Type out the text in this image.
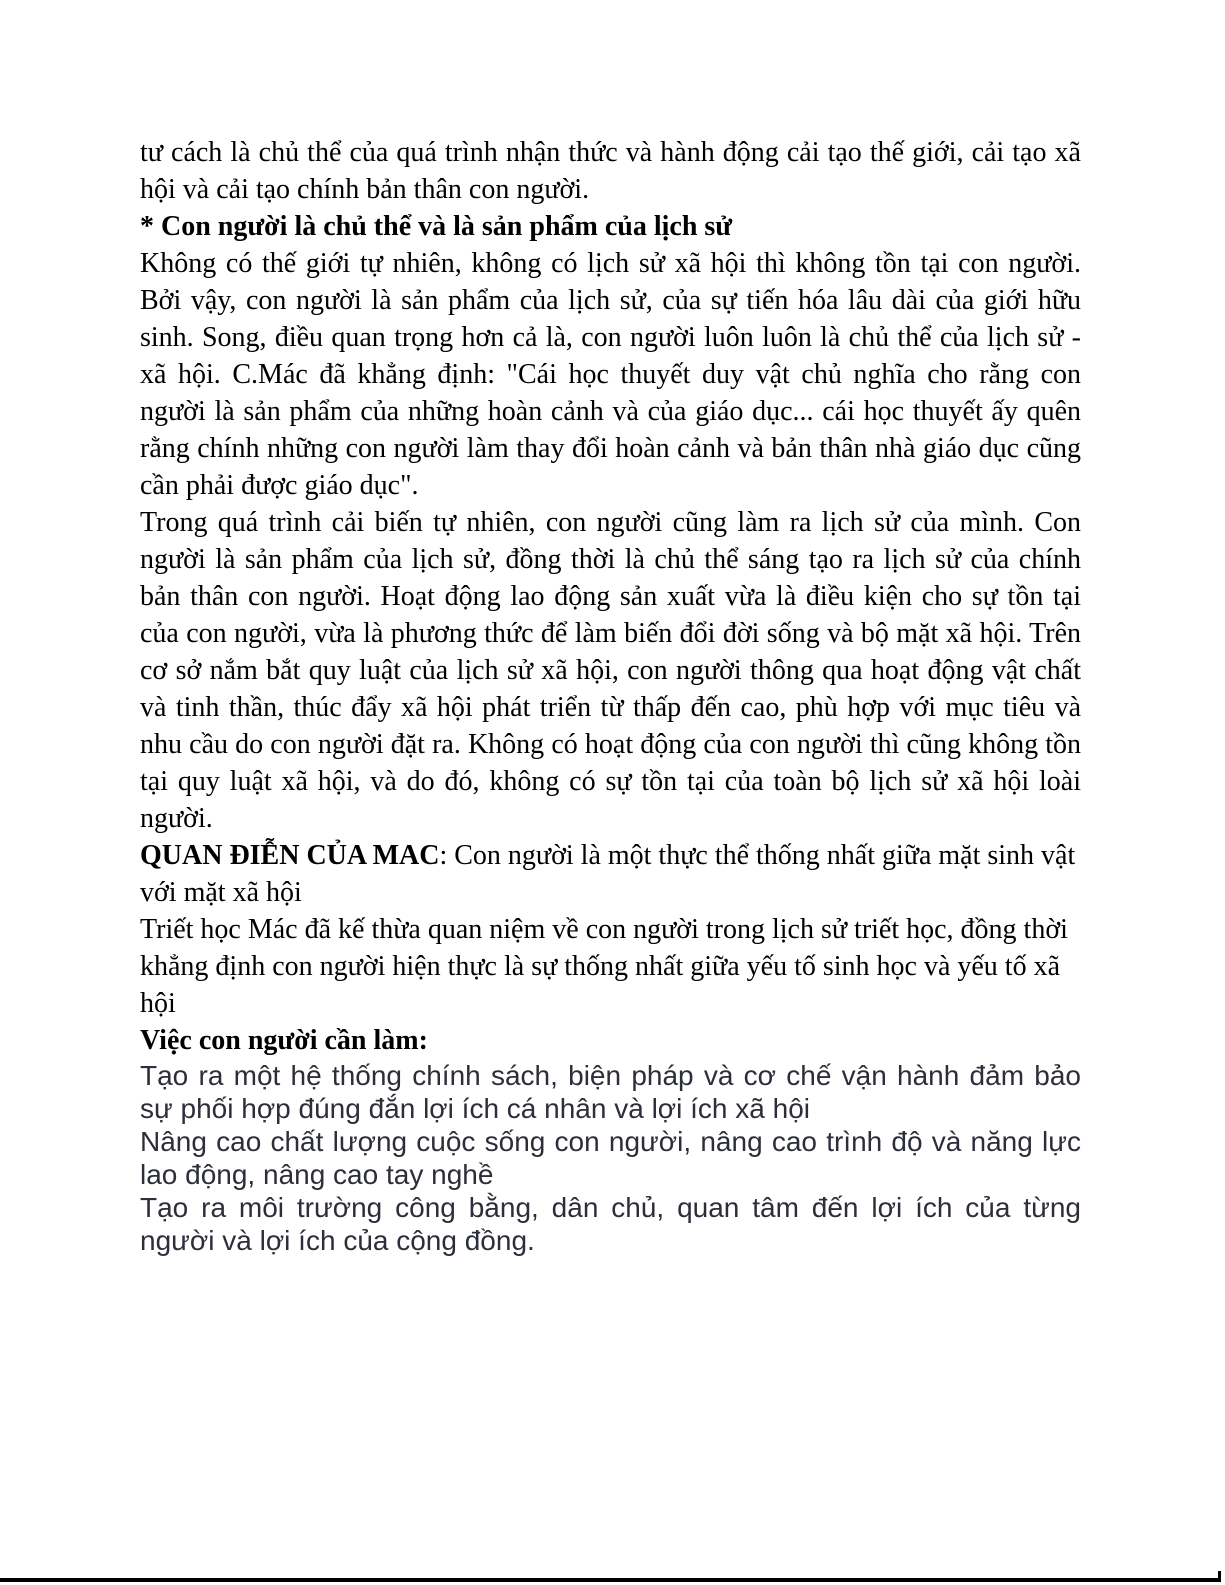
tư cách là chủ thể của quá trình nhận thức và hành động cải tạo thế giới, cải tạo xã hội và cải tạo chính bản thân con người.

* Con người là chủ thể và là sản phẩm của lịch sử

Không có thế giới tự nhiên, không có lịch sử xã hội thì không tồn tại con người. Bởi vậy, con người là sản phẩm của lịch sử, của sự tiến hóa lâu dài của giới hữu sinh. Song, điều quan trọng hơn cả là, con người luôn luôn là chủ thể của lịch sử - xã hội. C.Mác đã khẳng định: "Cái học thuyết duy vật chủ nghĩa cho rằng con người là sản phẩm của những hoàn cảnh và của giáo dục... cái học thuyết ấy quên rằng chính những con người làm thay đổi hoàn cảnh và bản thân nhà giáo dục cũng cần phải được giáo dục".

Trong quá trình cải biến tự nhiên, con người cũng làm ra lịch sử của mình. Con người là sản phẩm của lịch sử, đồng thời là chủ thể sáng tạo ra lịch sử của chính bản thân con người. Hoạt động lao động sản xuất vừa là điều kiện cho sự tồn tại của con người, vừa là phương thức để làm biến đổi đời sống và bộ mặt xã hội. Trên cơ sở nắm bắt quy luật của lịch sử xã hội, con người thông qua hoạt động vật chất và tinh thần, thúc đẩy xã hội phát triển từ thấp đến cao, phù hợp với mục tiêu và nhu cầu do con người đặt ra. Không có hoạt động của con người thì cũng không tồn tại quy luật xã hội, và do đó, không có sự tồn tại của toàn bộ lịch sử xã hội loài người.

QUAN ĐIỄN CỦA MAC: Con người là một thực thể thống nhất giữa mặt sinh vật với mặt xã hội

Triết học Mác đã kế thừa quan niệm về con người trong lịch sử triết học, đồng thời khẳng định con người hiện thực là sự thống nhất giữa yếu tố sinh học và yếu tố xã hội

Việc con người cần làm:

Tạo ra một hệ thống chính sách, biện pháp và cơ chế vận hành đảm bảo sự phối hợp đúng đắn lợi ích cá nhân và lợi ích xã hội

Nâng cao chất lượng cuộc sống con người, nâng cao trình độ và năng lực lao động, nâng cao tay nghề

Tạo ra môi trường công bằng, dân chủ, quan tâm đến lợi ích của từng người và lợi ích của cộng đồng.
